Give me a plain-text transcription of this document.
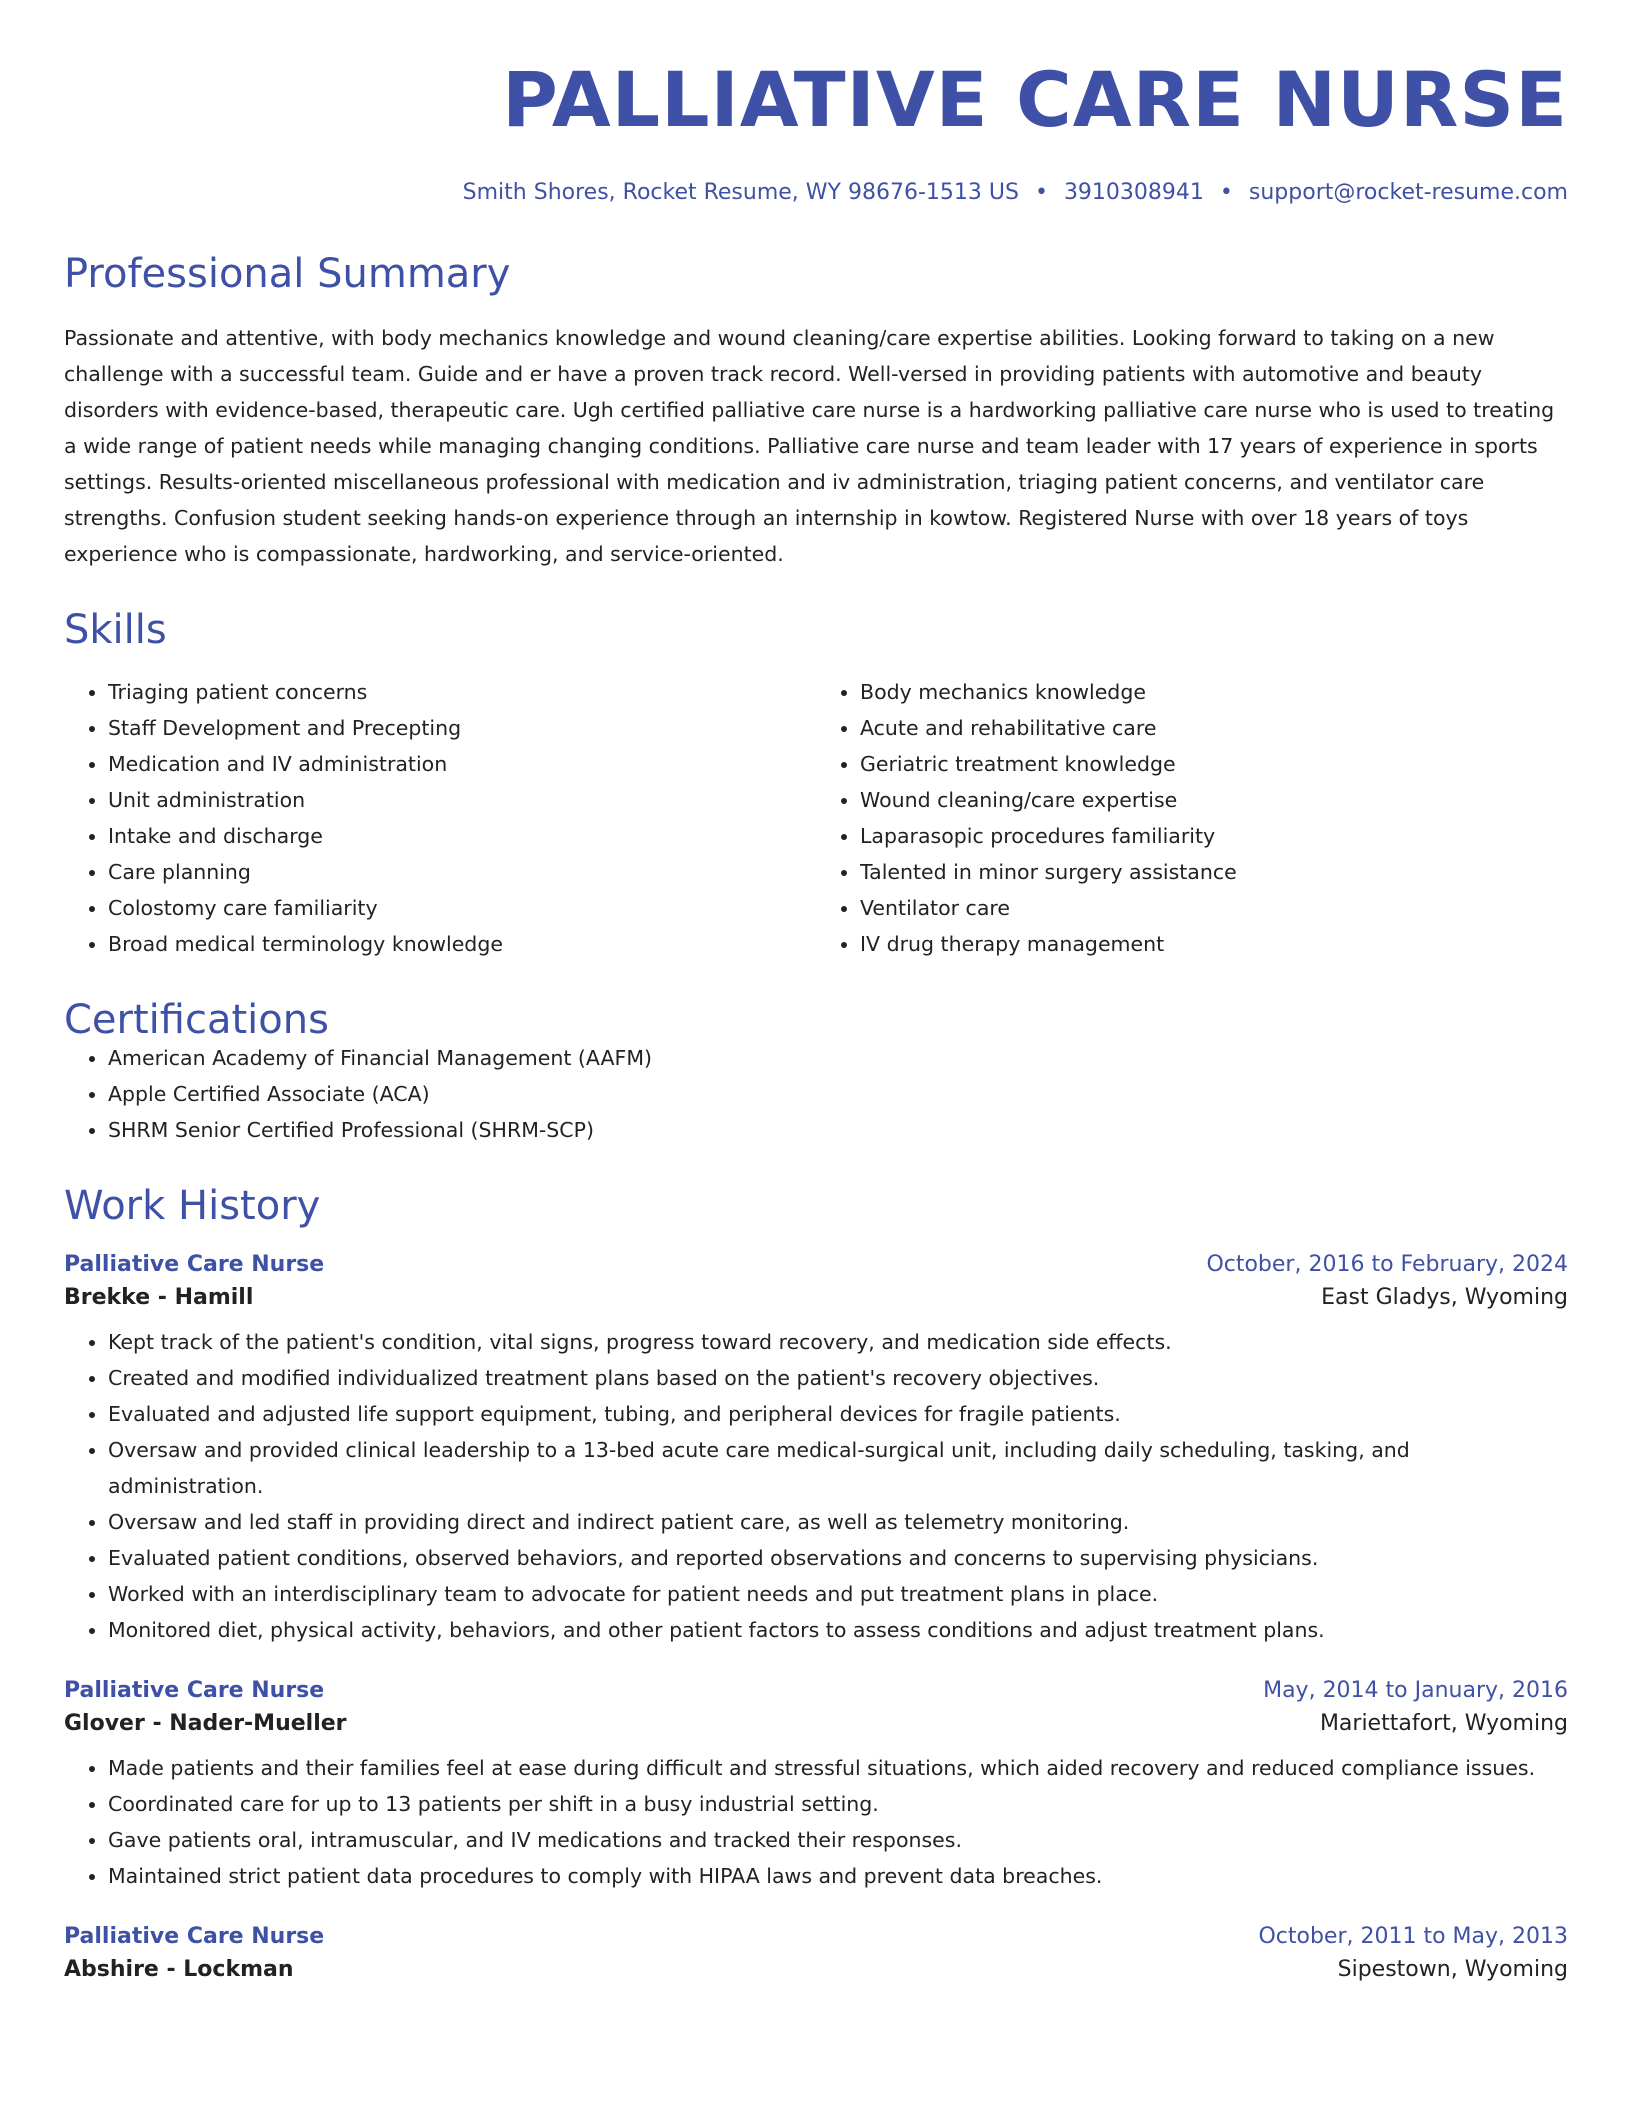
PALLIATIVE CARE NURSE
Smith Shores, Rocket Resume, WY 98676-1513 US • 3910308941 • support@rocket-resume.com
Professional Summary
Passionate and attentive, with body mechanics knowledge and wound cleaning/care expertise abilities. Looking forward to taking on a new challenge with a successful team. Guide and er have a proven track record. Well-versed in providing patients with automotive and beauty disorders with evidence-based, therapeutic care. Ugh certified palliative care nurse is a hardworking palliative care nurse who is used to treating a wide range of patient needs while managing changing conditions. Palliative care nurse and team leader with 17 years of experience in sports settings. Results-oriented miscellaneous professional with medication and iv administration, triaging patient concerns, and ventilator care strengths. Confusion student seeking hands-on experience through an internship in kowtow. Registered Nurse with over 18 years of toys experience who is compassionate, hardworking, and service-oriented.
Skills
• Triaging patient concerns
• Staff Development and Precepting
• Medication and IV administration
• Unit administration
• Intake and discharge
• Care planning
• Colostomy care familiarity
• Broad medical terminology knowledge
• Body mechanics knowledge
• Acute and rehabilitative care
• Geriatric treatment knowledge
• Wound cleaning/care expertise
• Laparasopic procedures familiarity
• Talented in minor surgery assistance
• Ventilator care
• IV drug therapy management
Certifications
• American Academy of Financial Management (AAFM)
• Apple Certified Associate (ACA)
• SHRM Senior Certified Professional (SHRM-SCP)
Work History
Palliative Care Nurse	October, 2016 to February, 2024
Brekke - Hamill	East Gladys, Wyoming
• Kept track of the patient's condition, vital signs, progress toward recovery, and medication side effects.
• Created and modified individualized treatment plans based on the patient's recovery objectives.
• Evaluated and adjusted life support equipment, tubing, and peripheral devices for fragile patients.
• Oversaw and provided clinical leadership to a 13-bed acute care medical-surgical unit, including daily scheduling, tasking, and administration.
• Oversaw and led staff in providing direct and indirect patient care, as well as telemetry monitoring.
• Evaluated patient conditions, observed behaviors, and reported observations and concerns to supervising physicians.
• Worked with an interdisciplinary team to advocate for patient needs and put treatment plans in place.
• Monitored diet, physical activity, behaviors, and other patient factors to assess conditions and adjust treatment plans.
Palliative Care Nurse	May, 2014 to January, 2016
Glover - Nader-Mueller	Mariettafort, Wyoming
• Made patients and their families feel at ease during difficult and stressful situations, which aided recovery and reduced compliance issues.
• Coordinated care for up to 13 patients per shift in a busy industrial setting.
• Gave patients oral, intramuscular, and IV medications and tracked their responses.
• Maintained strict patient data procedures to comply with HIPAA laws and prevent data breaches.
Palliative Care Nurse	October, 2011 to May, 2013
Abshire - Lockman	Sipestown, Wyoming
